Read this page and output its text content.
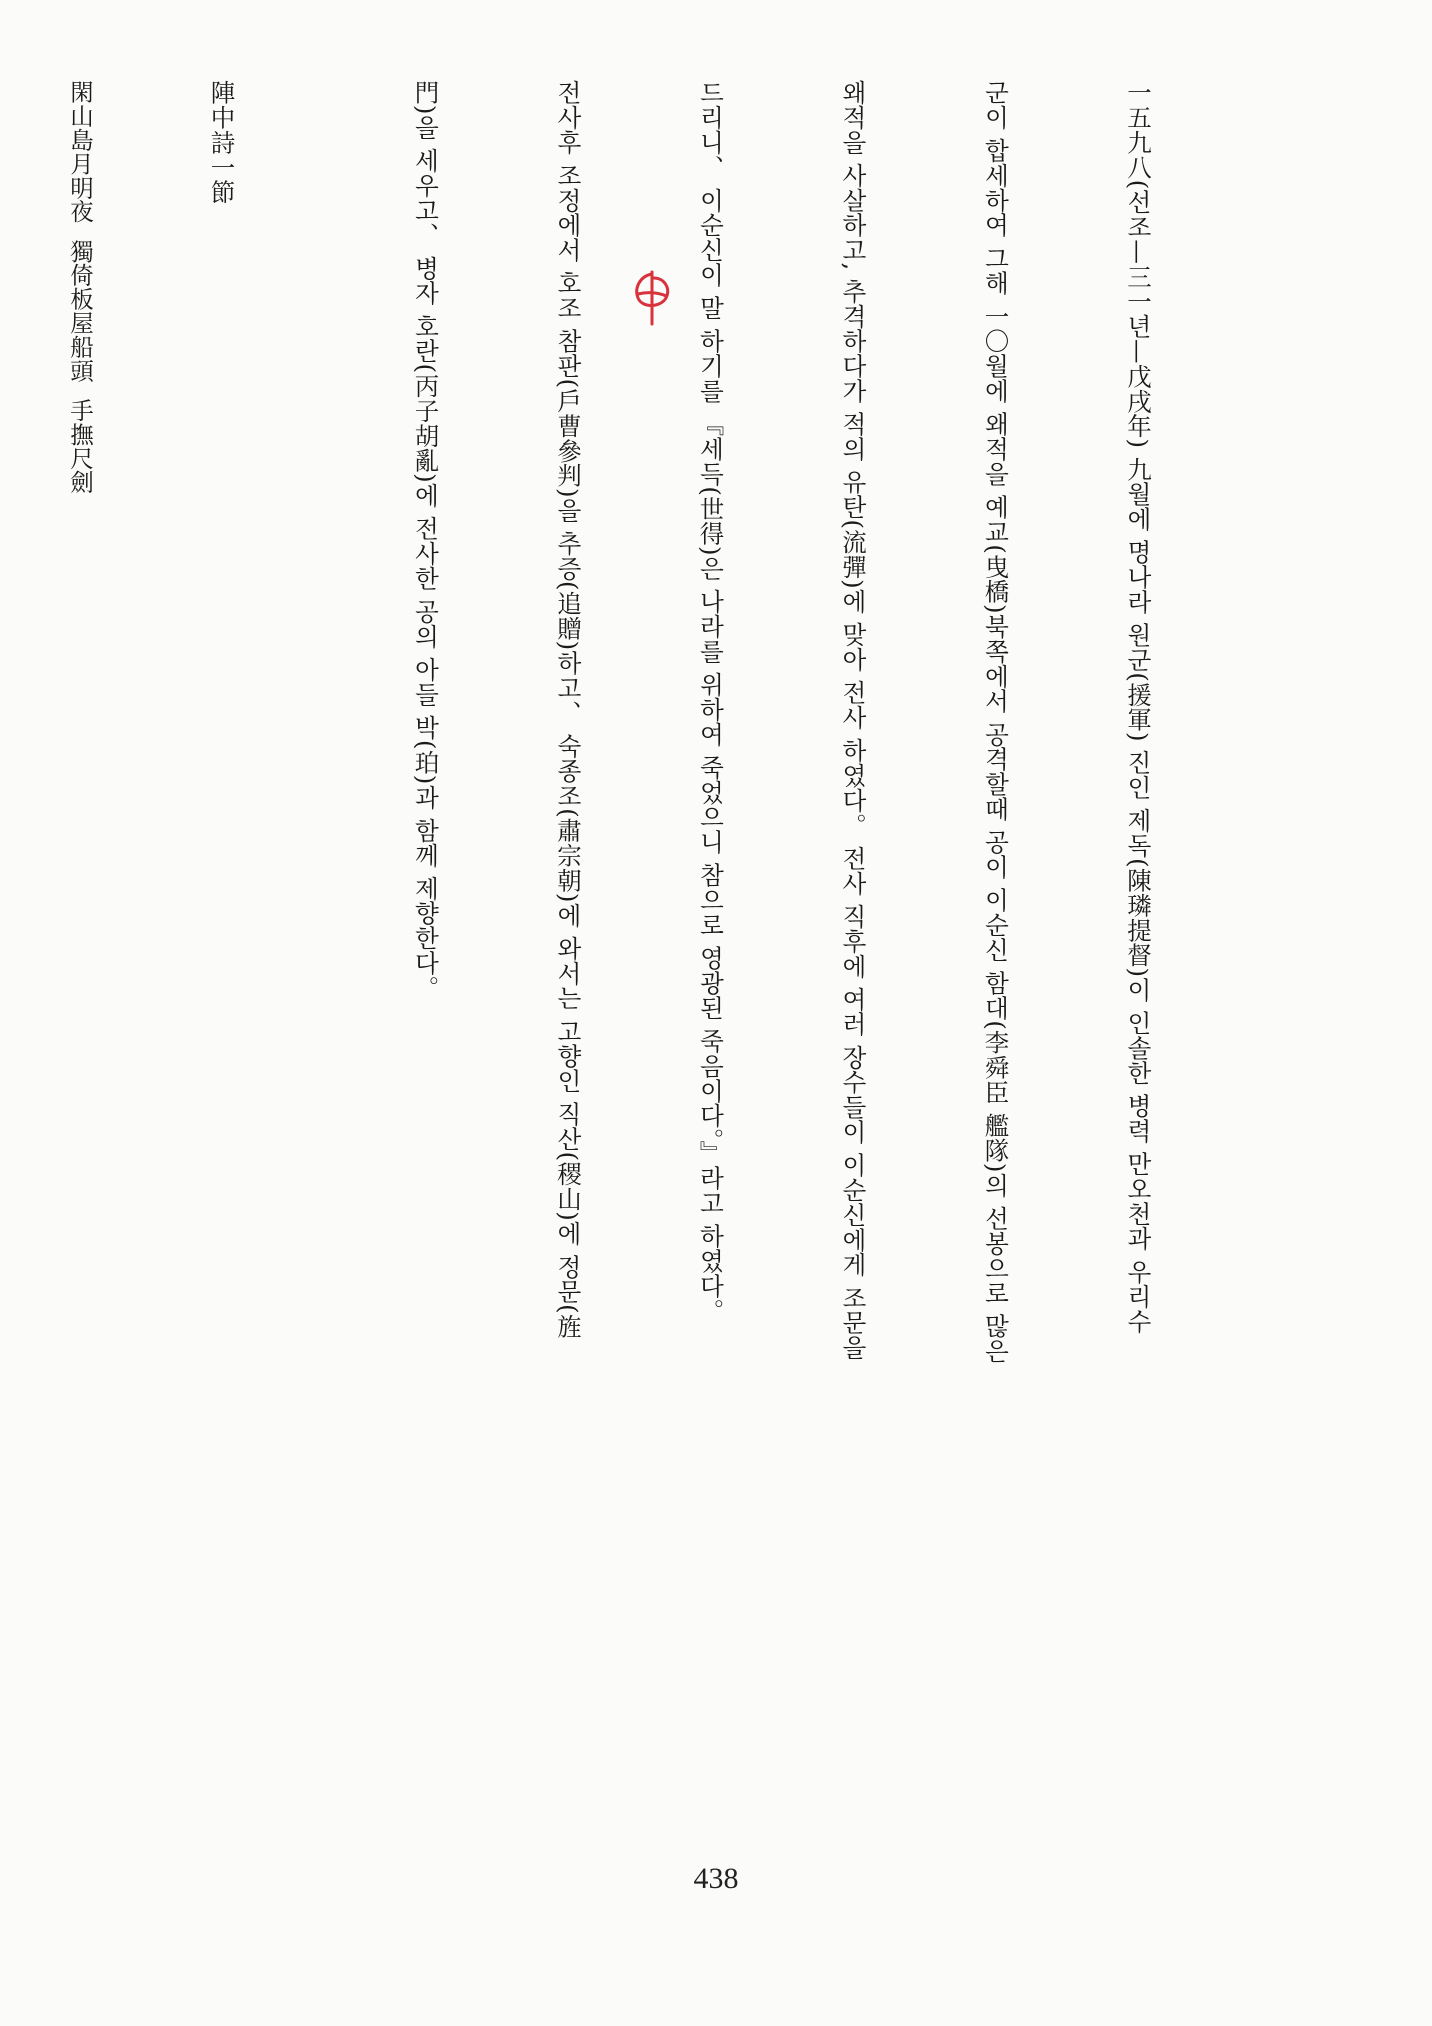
一五九八(선조—三一년—戊戌年) 九월에 명나라 원군(援軍) 진인 제독(陳璘提督)이 인솔한 병력 만오천과 우리수

군이 합세하여 그해 一〇월에 왜적을 예교(曳橋)북쪽에서 공격할때 공이 이순신 함대(李舜臣 艦隊)의 선봉으로 많은

왜적을 사살하고, 추격하다가 적의 유탄(流彈)에 맞아 전사 하였다。 전사 직후에 여러 장수들이 이순신에게 조문을

드리니、 이순신이 말 하기를 『세득(世得)은 나라를 위하여 죽었으니 참으로 영광된 죽음이다。』라고 하였다。

전사후 조정에서 호조 참판(戶曹參判)을 추증(追贈)하고、 숙종조(肅宗朝)에 와서는 고향인 직산(稷山)에 정문(旌

門)을 세우고、 병자 호란(丙子胡亂)에 전사한 공의 아들 박(珀)과 함께 제향한다。

陣中詩一節

閑山島月明夜  獨倚板屋船頭  手撫尺劍

438
